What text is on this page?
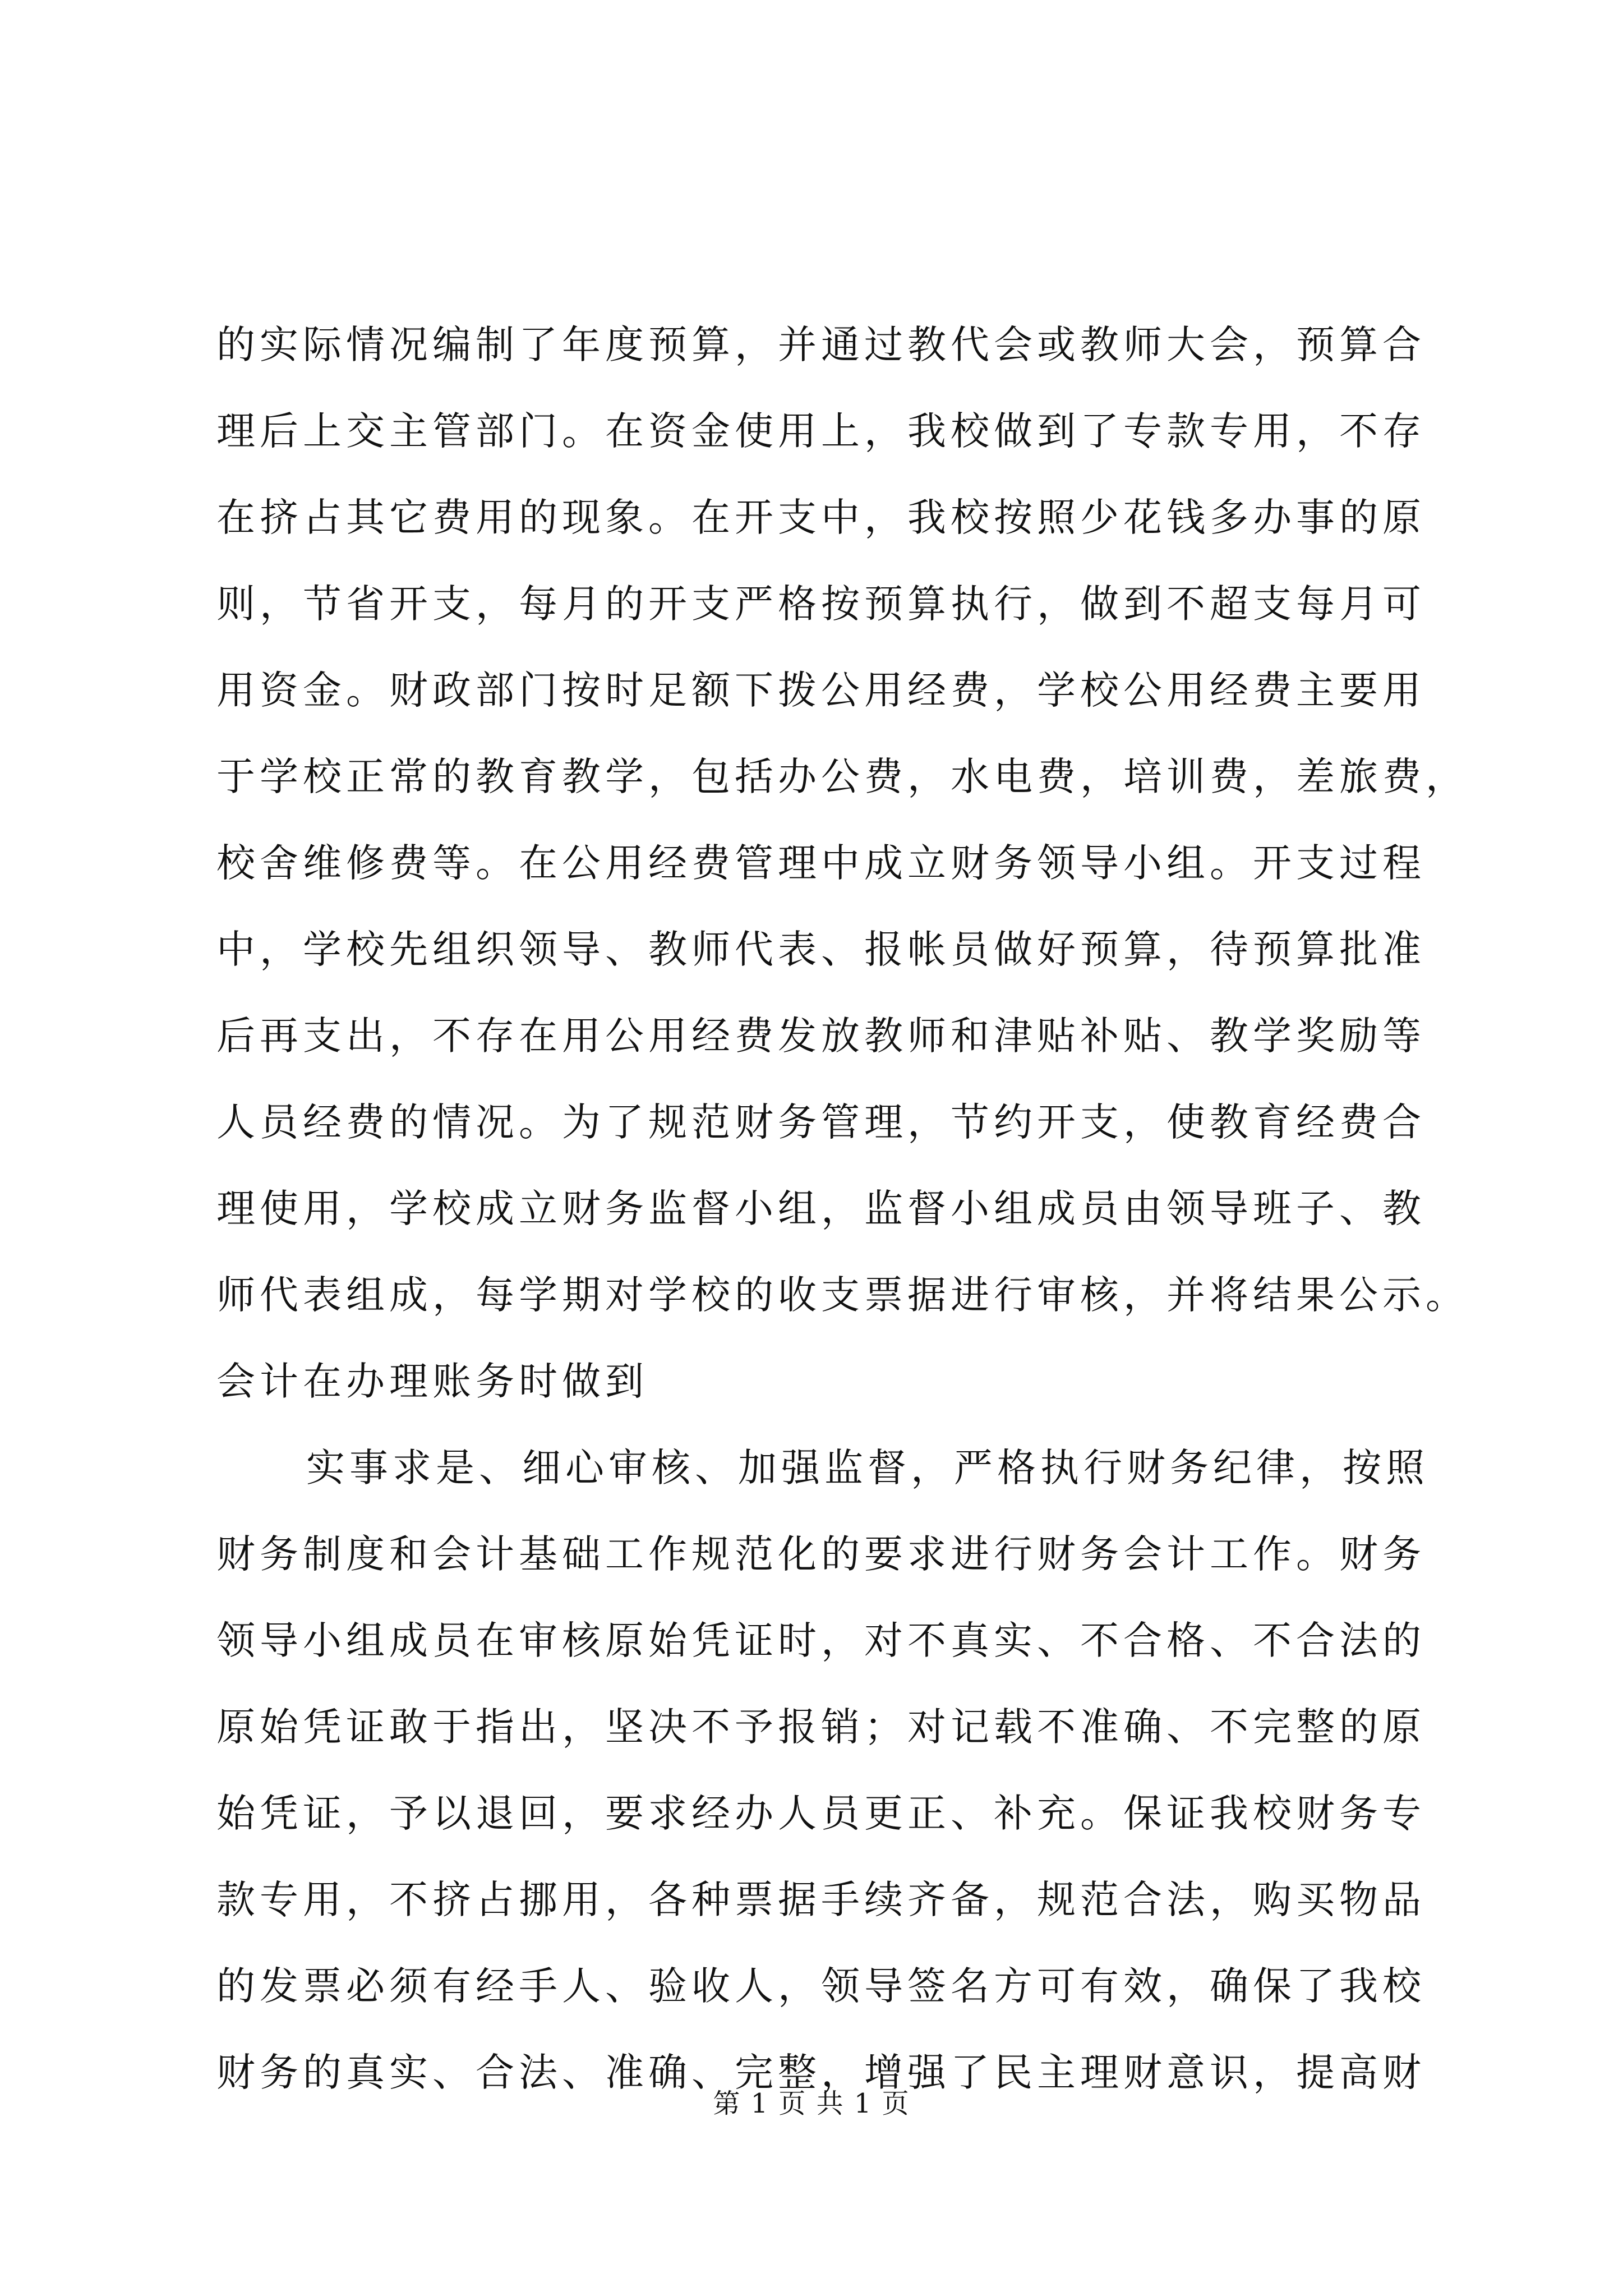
的实际情况编制了年度预算，并通过教代会或教师大会，预算合
理后上交主管部门。在资金使用上，我校做到了专款专用，不存
在挤占其它费用的现象。在开支中，我校按照少花钱多办事的原
则，节省开支，每月的开支严格按预算执行，做到不超支每月可
用资金。财政部门按时足额下拨公用经费，学校公用经费主要用
于学校正常的教育教学，包括办公费，水电费，培训费，差旅费，
校舍维修费等。在公用经费管理中成立财务领导小组。开支过程
中，学校先组织领导、教师代表、报帐员做好预算，待预算批准
后再支出，不存在用公用经费发放教师和津贴补贴、教学奖励等
人员经费的情况。为了规范财务管理，节约开支，使教育经费合
理使用，学校成立财务监督小组，监督小组成员由领导班子、教
师代表组成，每学期对学校的收支票据进行审核，并将结果公示。
会计在办理账务时做到
实事求是、细心审核、加强监督，严格执行财务纪律，按照
财务制度和会计基础工作规范化的要求进行财务会计工作。财务
领导小组成员在审核原始凭证时，对不真实、不合格、不合法的
原始凭证敢于指出，坚决不予报销；对记载不准确、不完整的原
始凭证，予以退回，要求经办人员更正、补充。保证我校财务专
款专用，不挤占挪用，各种票据手续齐备，规范合法，购买物品
的发票必须有经手人、验收人，领导签名方可有效，确保了我校
财务的真实、合法、准确、完整，增强了民主理财意识，提高财
第 1 页 共 1 页
